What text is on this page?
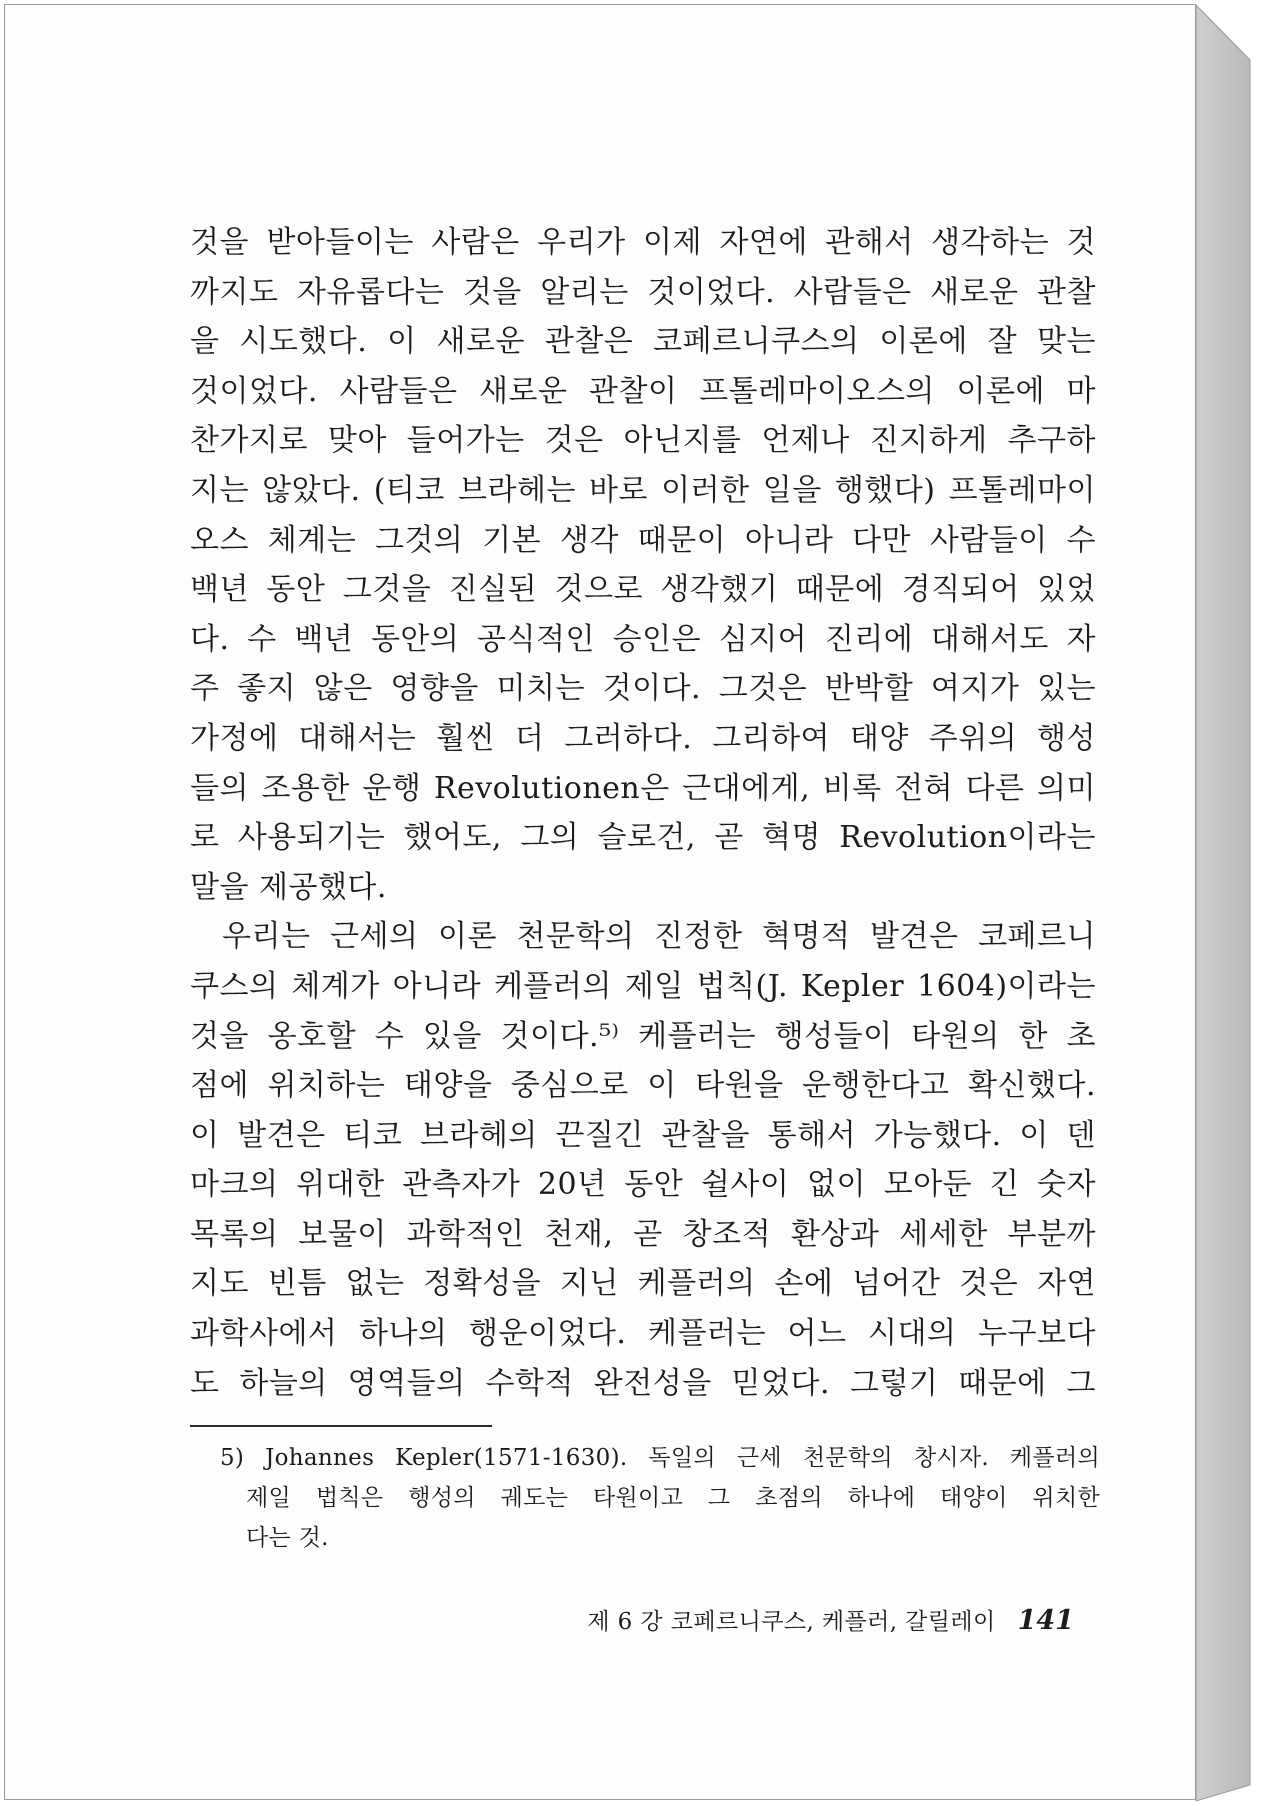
것을 받아들이는 사람은 우리가 이제 자연에 관해서 생각하는 것
까지도 자유롭다는 것을 알리는 것이었다. 사람들은 새로운 관찰
을 시도했다. 이 새로운 관찰은 코페르니쿠스의 이론에 잘 맞는
것이었다. 사람들은 새로운 관찰이 프톨레마이오스의 이론에 마
찬가지로 맞아 들어가는 것은 아닌지를 언제나 진지하게 추구하
지는 않았다. (티코 브라헤는 바로 이러한 일을 행했다) 프톨레마이
오스 체계는 그것의 기본 생각 때문이 아니라 다만 사람들이 수
백년 동안 그것을 진실된 것으로 생각했기 때문에 경직되어 있었
다. 수 백년 동안의 공식적인 승인은 심지어 진리에 대해서도 자
주 좋지 않은 영향을 미치는 것이다. 그것은 반박할 여지가 있는
가정에 대해서는 훨씬 더 그러하다. 그리하여 태양 주위의 행성
들의 조용한 운행 Revolutionen은 근대에게, 비록 전혀 다른 의미
로 사용되기는 했어도, 그의 슬로건, 곧 혁명 Revolution이라는
말을 제공했다.
우리는 근세의 이론 천문학의 진정한 혁명적 발견은 코페르니
쿠스의 체계가 아니라 케플러의 제일 법칙(J. Kepler 1604)이라는
것을 옹호할 수 있을 것이다.⁵⁾ 케플러는 행성들이 타원의 한 초
점에 위치하는 태양을 중심으로 이 타원을 운행한다고 확신했다.
이 발견은 티코 브라헤의 끈질긴 관찰을 통해서 가능했다. 이 덴
마크의 위대한 관측자가 20년 동안 쉴사이 없이 모아둔 긴 숫자
목록의 보물이 과학적인 천재, 곧 창조적 환상과 세세한 부분까
지도 빈틈 없는 정확성을 지닌 케플러의 손에 넘어간 것은 자연
과학사에서 하나의 행운이었다. 케플러는 어느 시대의 누구보다
도 하늘의 영역들의 수학적 완전성을 믿었다. 그렇기 때문에 그
5) Johannes Kepler(1571-1630). 독일의 근세 천문학의 창시자. 케플러의
제일 법칙은 행성의 궤도는 타원이고 그 초점의 하나에 태양이 위치한
다는 것.
제 6 강 코페르니쿠스, 케플러, 갈릴레이 141
